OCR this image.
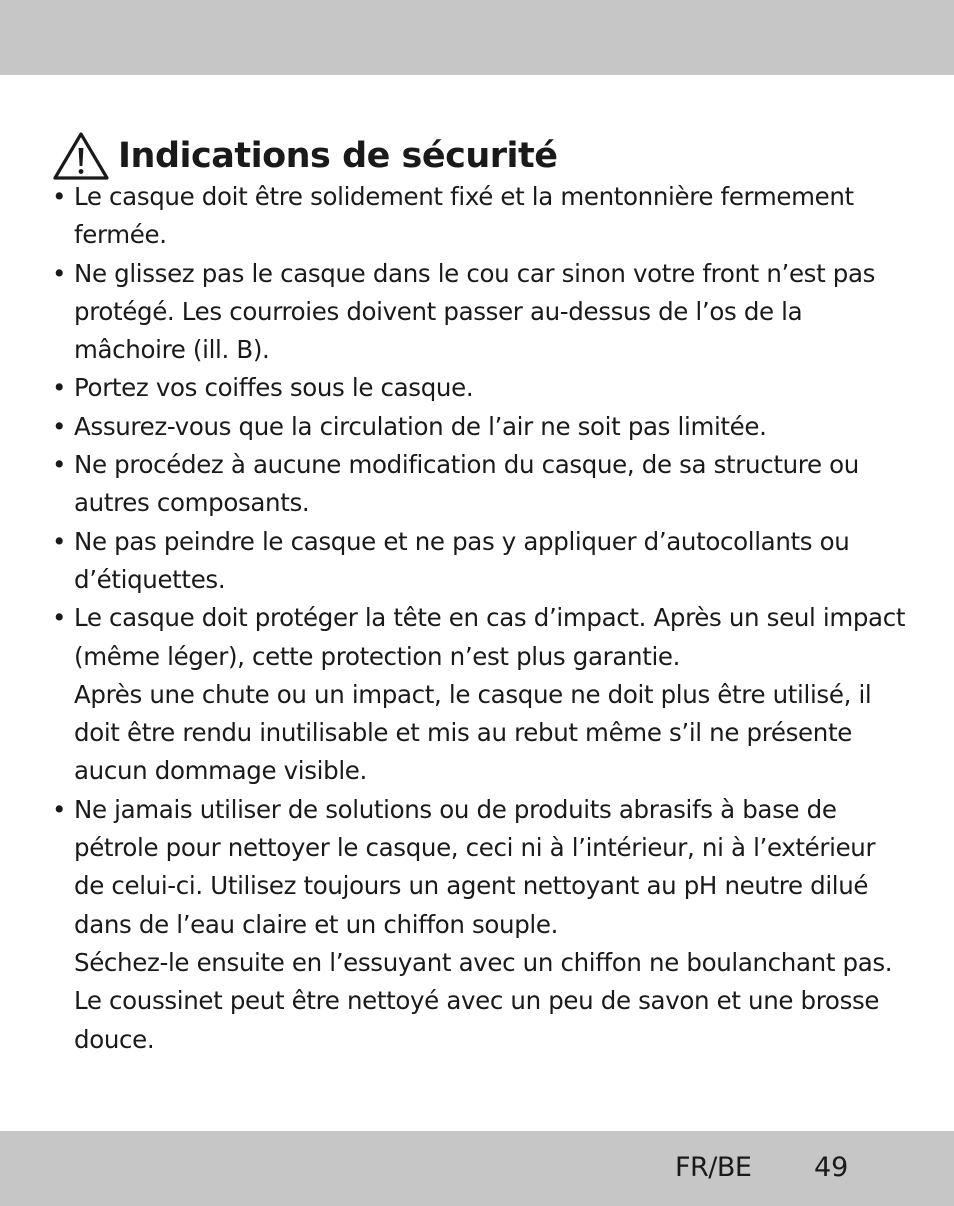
Indications de sécurité
• Le casque doit être solidement fixé et la mentonnière fermement fermée.

• Ne glissez pas le casque dans le cou car sinon votre front n’est pas protégé. Les courroies doivent passer au-dessus de l’os de la mâchoire (ill. B).

• Portez vos coiffes sous le casque.

• Assurez-vous que la circulation de l’air ne soit pas limitée.

• Ne procédez à aucune modification du casque, de sa structure ou autres composants.

• Ne pas peindre le casque et ne pas y appliquer d’autocollants ou d’étiquettes.

• Le casque doit protéger la tête en cas d’impact. Après un seul impact (même léger), cette protection n’est plus garantie.

Après une chute ou un impact, le casque ne doit plus être utilisé, il doit être rendu inutilisable et mis au rebut même s’il ne présente aucun dommage visible.

• Ne jamais utiliser de solutions ou de produits abrasifs à base de pétrole pour nettoyer le casque, ceci ni à l’intérieur, ni à l’extérieur de celui-ci. Utilisez toujours un agent nettoyant au pH neutre dilué dans de l’eau claire et un chiffon souple.

Séchez-le ensuite en l’essuyant avec un chiffon ne boulanchant pas. Le coussinet peut être nettoyé avec un peu de savon et une brosse douce.

FR/BE 49
